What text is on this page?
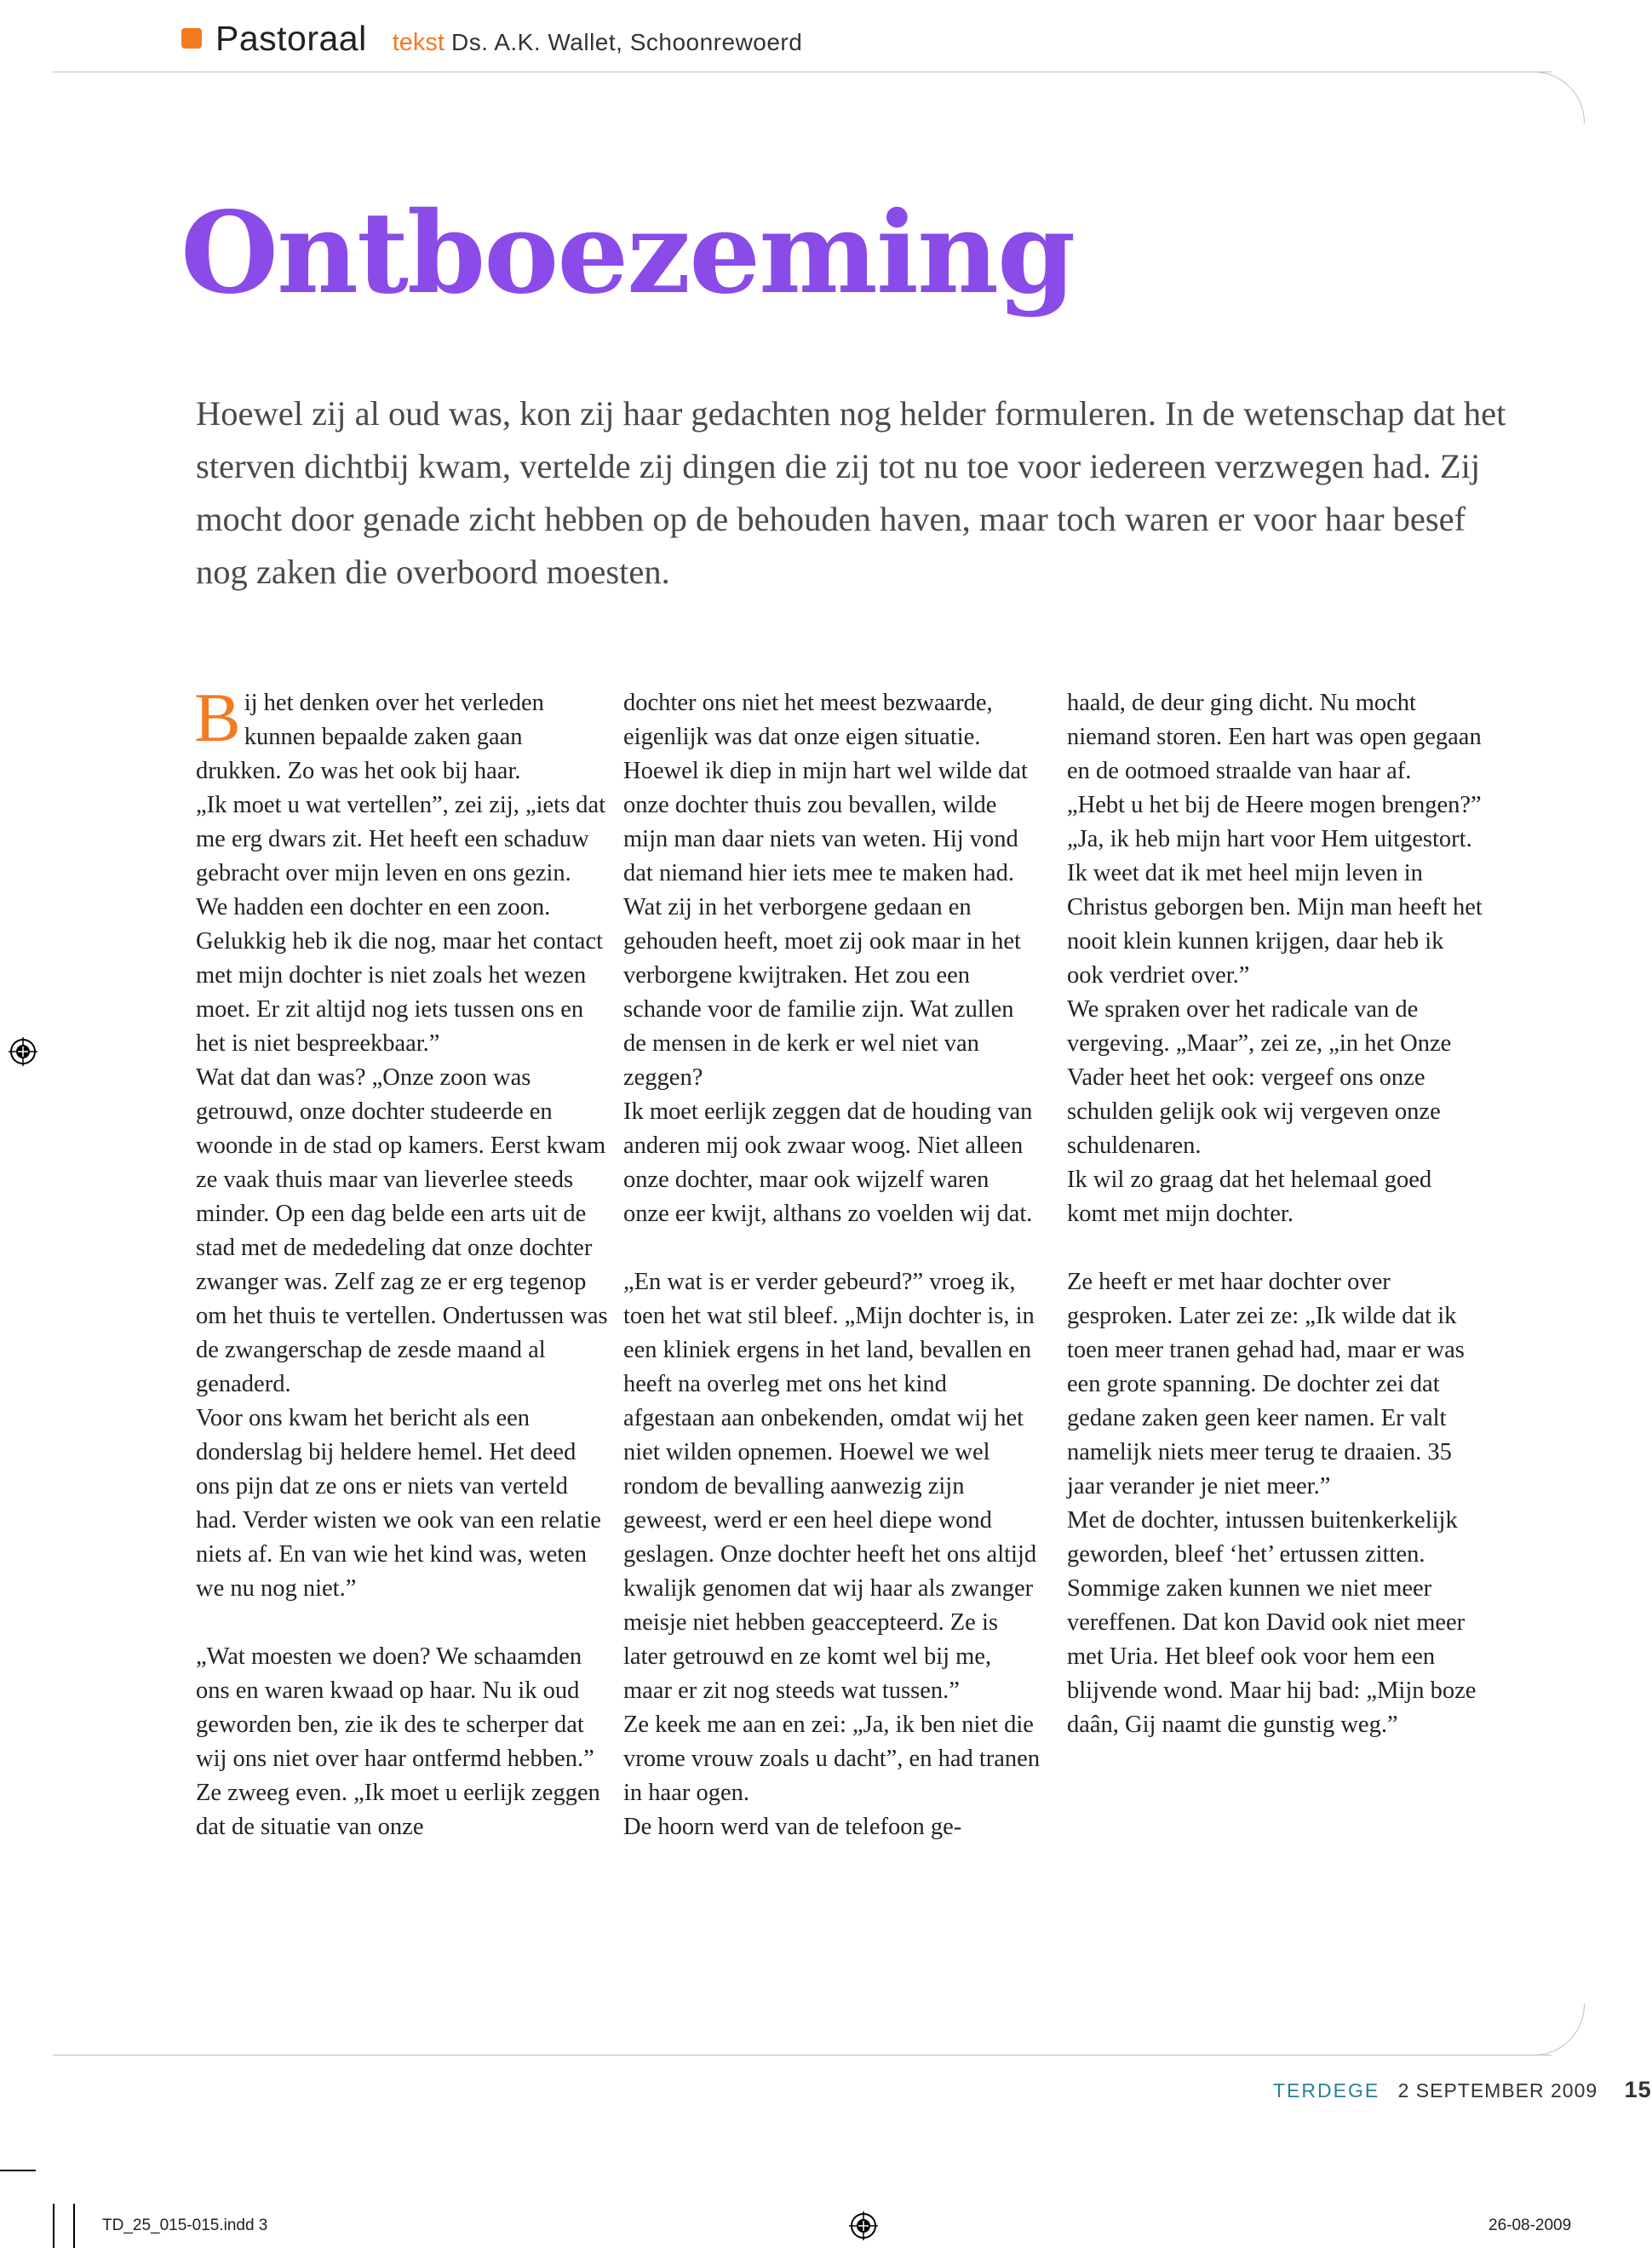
Pastoraal tekst Ds. A.K. Wallet, Schoonrewoerd
Ontboezeming
Hoewel zij al oud was, kon zij haar gedachten nog helder formuleren. In de wetenschap dat het sterven dichtbij kwam, vertelde zij dingen die zij tot nu toe voor iedereen verzwegen had. Zij mocht door genade zicht hebben op de behouden haven, maar toch waren er voor haar besef nog zaken die overboord moesten.

Bij het denken over het verleden kunnen bepaalde zaken gaan drukken. Zo was het ook bij haar.

„Ik moet u wat vertellen”, zei zij, „iets dat me erg dwars zit. Het heeft een schaduw gebracht over mijn leven en ons gezin.

We hadden een dochter en een zoon. Gelukkig heb ik die nog, maar het contact met mijn dochter is niet zoals het wezen moet. Er zit altijd nog iets tussen ons en het is niet bespreekbaar.”

Wat dat dan was? „Onze zoon was getrouwd, onze dochter studeerde en woonde in de stad op kamers. Eerst kwam ze vaak thuis maar van lieverlee steeds minder. Op een dag belde een arts uit de stad met de mededeling dat onze dochter zwanger was. Zelf zag ze er erg tegenop om het thuis te vertellen. Ondertussen was de zwangerschap de zesde maand al genaderd.

Voor ons kwam het bericht als een donderslag bij heldere hemel. Het deed ons pijn dat ze ons er niets van verteld had. Verder wisten we ook van een relatie niets af. En van wie het kind was, weten we nu nog niet.”

„Wat moesten we doen? We schaamden ons en waren kwaad op haar. Nu ik oud geworden ben, zie ik des te scherper dat wij ons niet over haar ontfermd hebben.”

Ze zweeg even. „Ik moet u eerlijk zeggen dat de situatie van onze

dochter ons niet het meest bezwaarde, eigenlijk was dat onze eigen situatie.

Hoewel ik diep in mijn hart wel wilde dat onze dochter thuis zou bevallen, wilde mijn man daar niets van weten. Hij vond dat niemand hier iets mee te maken had. Wat zij in het verborgene gedaan en gehouden heeft, moet zij ook maar in het verborgene kwijtraken. Het zou een schande voor de familie zijn. Wat zullen de mensen in de kerk er wel niet van zeggen?

Ik moet eerlijk zeggen dat de houding van anderen mij ook zwaar woog. Niet alleen onze dochter, maar ook wijzelf waren onze eer kwijt, althans zo voelden wij dat.

„En wat is er verder gebeurd?” vroeg ik, toen het wat stil bleef. „Mijn dochter is, in een kliniek ergens in het land, bevallen en heeft na overleg met ons het kind afgestaan aan onbekenden, omdat wij het niet wilden opnemen. Hoewel we wel rondom de bevalling aanwezig zijn geweest, werd er een heel diepe wond geslagen. Onze dochter heeft het ons altijd kwalijk genomen dat wij haar als zwanger meisje niet hebben geaccepteerd. Ze is later getrouwd en ze komt wel bij me, maar er zit nog steeds wat tussen.”

Ze keek me aan en zei: „Ja, ik ben niet die vrome vrouw zoals u dacht”, en had tranen in haar ogen.

De hoorn werd van de telefoon ge-

haald, de deur ging dicht. Nu mocht niemand storen. Een hart was open gegaan en de ootmoed straalde van haar af.

„Hebt u het bij de Heere mogen brengen?”

„Ja, ik heb mijn hart voor Hem uitgestort. Ik weet dat ik met heel mijn leven in Christus geborgen ben. Mijn man heeft het nooit klein kunnen krijgen, daar heb ik ook verdriet over.”

We spraken over het radicale van de vergeving. „Maar”, zei ze, „in het Onze Vader heet het ook: vergeef ons onze schulden gelijk ook wij vergeven onze schuldenaren.

Ik wil zo graag dat het helemaal goed komt met mijn dochter.

Ze heeft er met haar dochter over gesproken. Later zei ze: „Ik wilde dat ik toen meer tranen gehad had, maar er was een grote spanning. De dochter zei dat gedane zaken geen keer namen. Er valt namelijk niets meer terug te draaien. 35 jaar verander je niet meer.”

Met de dochter, intussen buitenkerkelijk geworden, bleef ‘het’ ertussen zitten.

Sommige zaken kunnen we niet meer vereffenen. Dat kon David ook niet meer met Uria. Het bleef ook voor hem een blijvende wond. Maar hij bad: „Mijn boze daân, Gij naamt die gunstig weg.”

TERDEGE 2 SEPTEMBER 2009 15
TD_25_015-015.indd 3	26-08-2009
